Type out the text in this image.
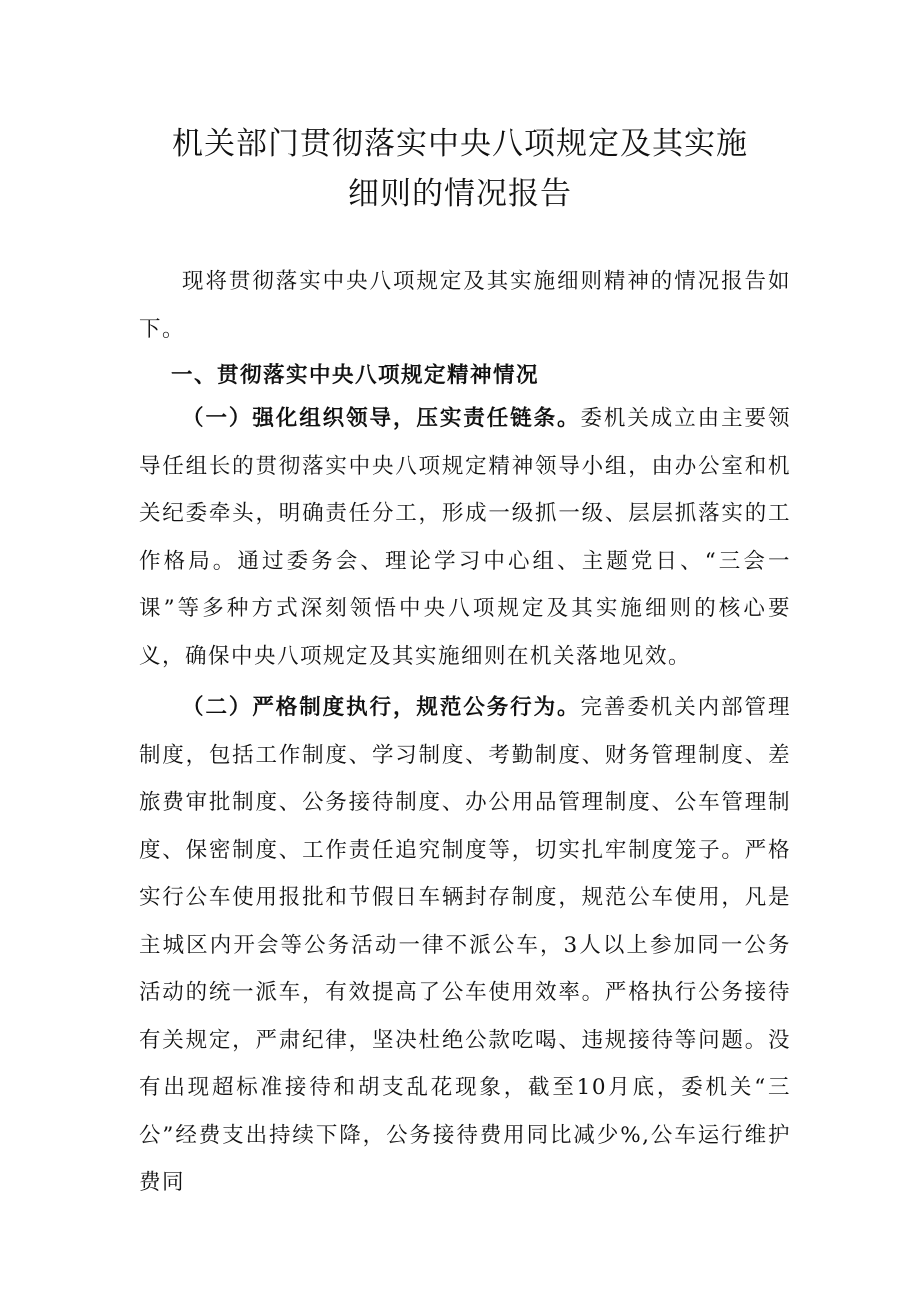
机关部门贯彻落实中央八项规定及其实施
细则的情况报告

现将贯彻落实中央八项规定及其实施细则精神的情况报告如下。

一、贯彻落实中央八项规定精神情况

（一）强化组织领导，压实责任链条。委机关成立由主要领导任组长的贯彻落实中央八项规定精神领导小组，由办公室和机关纪委牵头，明确责任分工，形成一级抓一级、层层抓落实的工作格局。通过委务会、理论学习中心组、主题党日、“三会一课”等多种方式深刻领悟中央八项规定及其实施细则的核心要义，确保中央八项规定及其实施细则在机关落地见效。

（二）严格制度执行，规范公务行为。完善委机关内部管理制度，包括工作制度、学习制度、考勤制度、财务管理制度、差旅费审批制度、公务接待制度、办公用品管理制度、公车管理制度、保密制度、工作责任追究制度等，切实扎牢制度笼子。严格实行公车使用报批和节假日车辆封存制度，规范公车使用，凡是主城区内开会等公务活动一律不派公车，3人以上参加同一公务活动的统一派车，有效提高了公车使用效率。严格执行公务接待有关规定，严肃纪律，坚决杜绝公款吃喝、违规接待等问题。没有出现超标准接待和胡支乱花现象，截至10月底，委机关“三公”经费支出持续下降，公务接待费用同比减少%,公车运行维护费同
